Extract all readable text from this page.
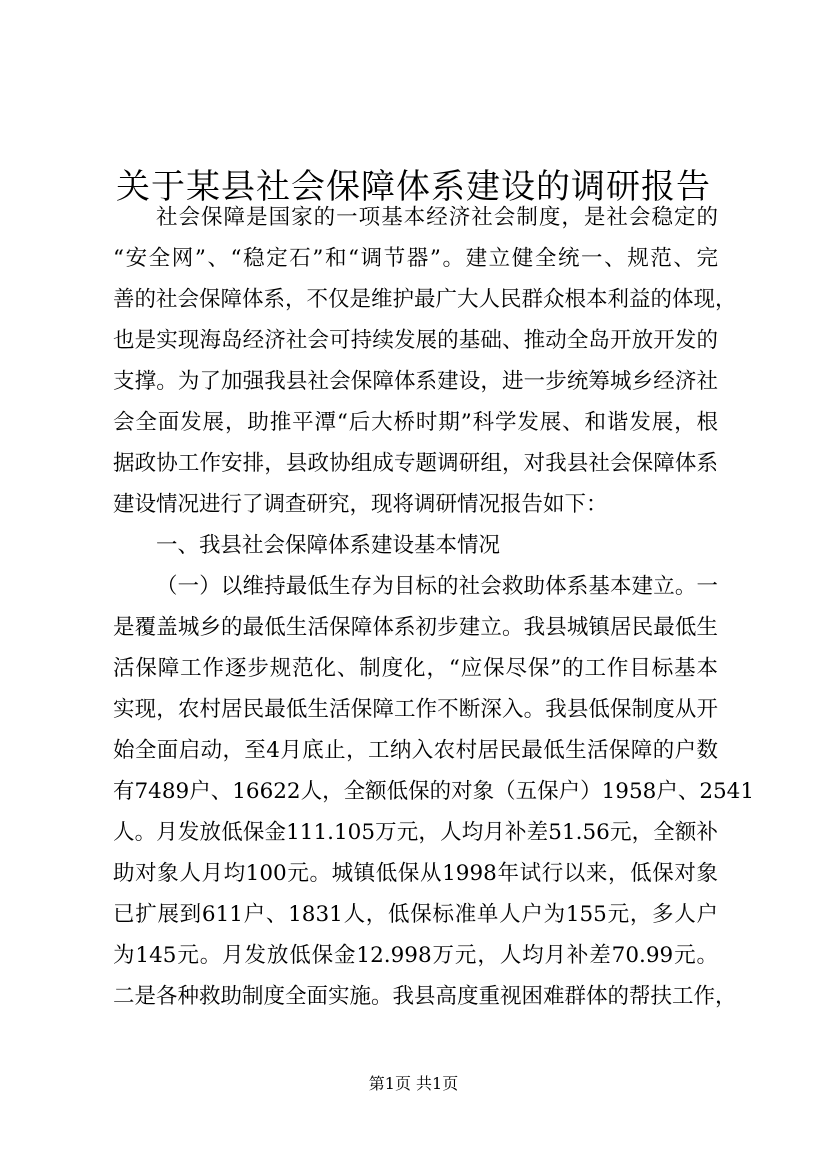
关于某县社会保障体系建设的调研报告
社会保障是国家的一项基本经济社会制度，是社会稳定的
“安全网”、“稳定石”和“调节器”。建立健全统一、规范、完
善的社会保障体系，不仅是维护最广大人民群众根本利益的体现，
也是实现海岛经济社会可持续发展的基础、推动全岛开放开发的
支撑。为了加强我县社会保障体系建设，进一步统筹城乡经济社
会全面发展，助推平潭“后大桥时期”科学发展、和谐发展，根
据政协工作安排，县政协组成专题调研组，对我县社会保障体系
建设情况进行了调查研究，现将调研情况报告如下：
一、我县社会保障体系建设基本情况
（一）以维持最低生存为目标的社会救助体系基本建立。一
是覆盖城乡的最低生活保障体系初步建立。我县城镇居民最低生
活保障工作逐步规范化、制度化，“应保尽保”的工作目标基本
实现，农村居民最低生活保障工作不断深入。我县低保制度从开
始全面启动，至4月底止，工纳入农村居民最低生活保障的户数
有7489户、16622人，全额低保的对象（五保户）1958户、2541
人。月发放低保金111.105万元，人均月补差51.56元，全额补
助对象人月均100元。城镇低保从1998年试行以来，低保对象
已扩展到611户、1831人，低保标准单人户为155元，多人户
为145元。月发放低保金12.998万元，人均月补差70.99元。
二是各种救助制度全面实施。我县高度重视困难群体的帮扶工作，
第1页 共1页
